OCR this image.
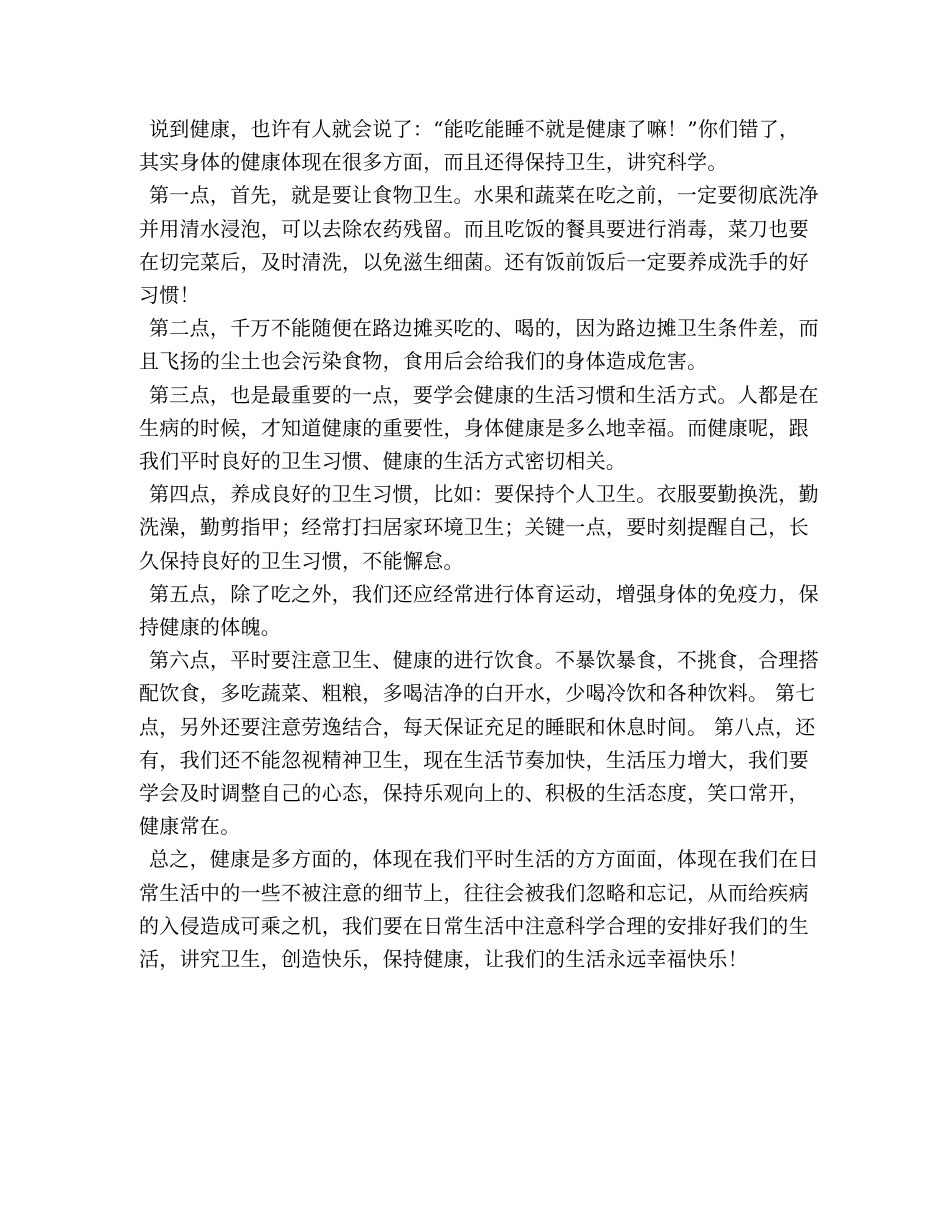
说到健康，也许有人就会说了：“能吃能睡不就是健康了嘛！”你们错了，其实身体的健康体现在很多方面，而且还得保持卫生，讲究科学。

第一点，首先，就是要让食物卫生。水果和蔬菜在吃之前，一定要彻底洗净并用清水浸泡，可以去除农药残留。而且吃饭的餐具要进行消毒，菜刀也要在切完菜后，及时清洗，以免滋生细菌。还有饭前饭后一定要养成洗手的好习惯！

第二点，千万不能随便在路边摊买吃的、喝的，因为路边摊卫生条件差，而且飞扬的尘土也会污染食物，食用后会给我们的身体造成危害。

第三点，也是最重要的一点，要学会健康的生活习惯和生活方式。人都是在生病的时候，才知道健康的重要性，身体健康是多么地幸福。而健康呢，跟我们平时良好的卫生习惯、健康的生活方式密切相关。

第四点，养成良好的卫生习惯，比如：要保持个人卫生。衣服要勤换洗，勤洗澡，勤剪指甲；经常打扫居家环境卫生；关键一点，要时刻提醒自己，长久保持良好的卫生习惯，不能懈怠。

第五点，除了吃之外，我们还应经常进行体育运动，增强身体的免疫力，保持健康的体魄。

第六点，平时要注意卫生、健康的进行饮食。不暴饮暴食，不挑食，合理搭配饮食，多吃蔬菜、粗粮，多喝洁净的白开水，少喝冷饮和各种饮料。 第七点，另外还要注意劳逸结合，每天保证充足的睡眠和休息时间。 第八点，还有，我们还不能忽视精神卫生，现在生活节奏加快，生活压力增大，我们要学会及时调整自己的心态，保持乐观向上的、积极的生活态度，笑口常开，健康常在。

总之，健康是多方面的，体现在我们平时生活的方方面面，体现在我们在日常生活中的一些不被注意的细节上，往往会被我们忽略和忘记，从而给疾病的入侵造成可乘之机，我们要在日常生活中注意科学合理的安排好我们的生活，讲究卫生，创造快乐，保持健康，让我们的生活永远幸福快乐！
